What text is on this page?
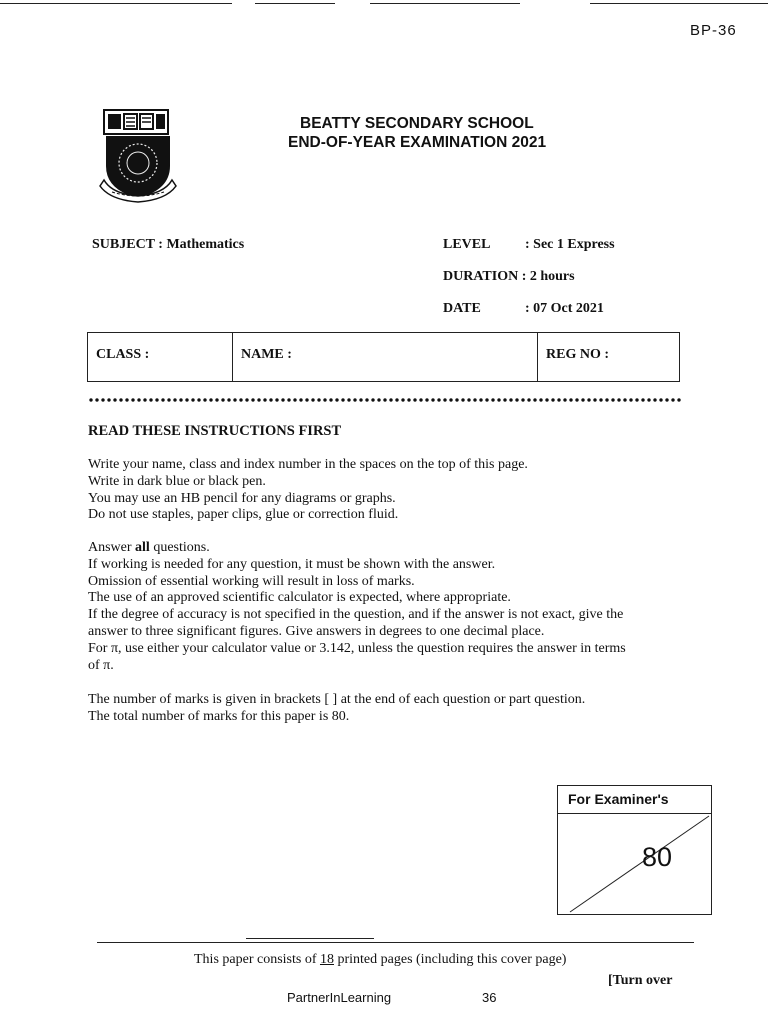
BP-36
BEATTY SECONDARY SCHOOL
END-OF-YEAR EXAMINATION 2021
SUBJECT : Mathematics	LEVEL : Sec 1 Express
DURATION : 2 hours
DATE	: 07 Oct 2021
CLASS :	NAME :	REG NO :
READ THESE INSTRUCTIONS FIRST
Write your name, class and index number in the spaces on the top of this page.
Write in dark blue or black pen.
You may use an HB pencil for any diagrams or graphs.
Do not use staples, paper clips, glue or correction fluid.
Answer all questions.
If working is needed for any question, it must be shown with the answer.
Omission of essential working will result in loss of marks.
The use of an approved scientific calculator is expected, where appropriate.
If the degree of accuracy is not specified in the question, and if the answer is not exact, give the
answer to three significant figures. Give answers in degrees to one decimal place.
For π, use either your calculator value or 3.142, unless the question requires the answer in terms
of π.
The number of marks is given in brackets [ ] at the end of each question or part question.
The total number of marks for this paper is 80.
For Examiner's
80
This paper consists of 18 printed pages (including this cover page)
[Turn over
PartnerInLearning	36
